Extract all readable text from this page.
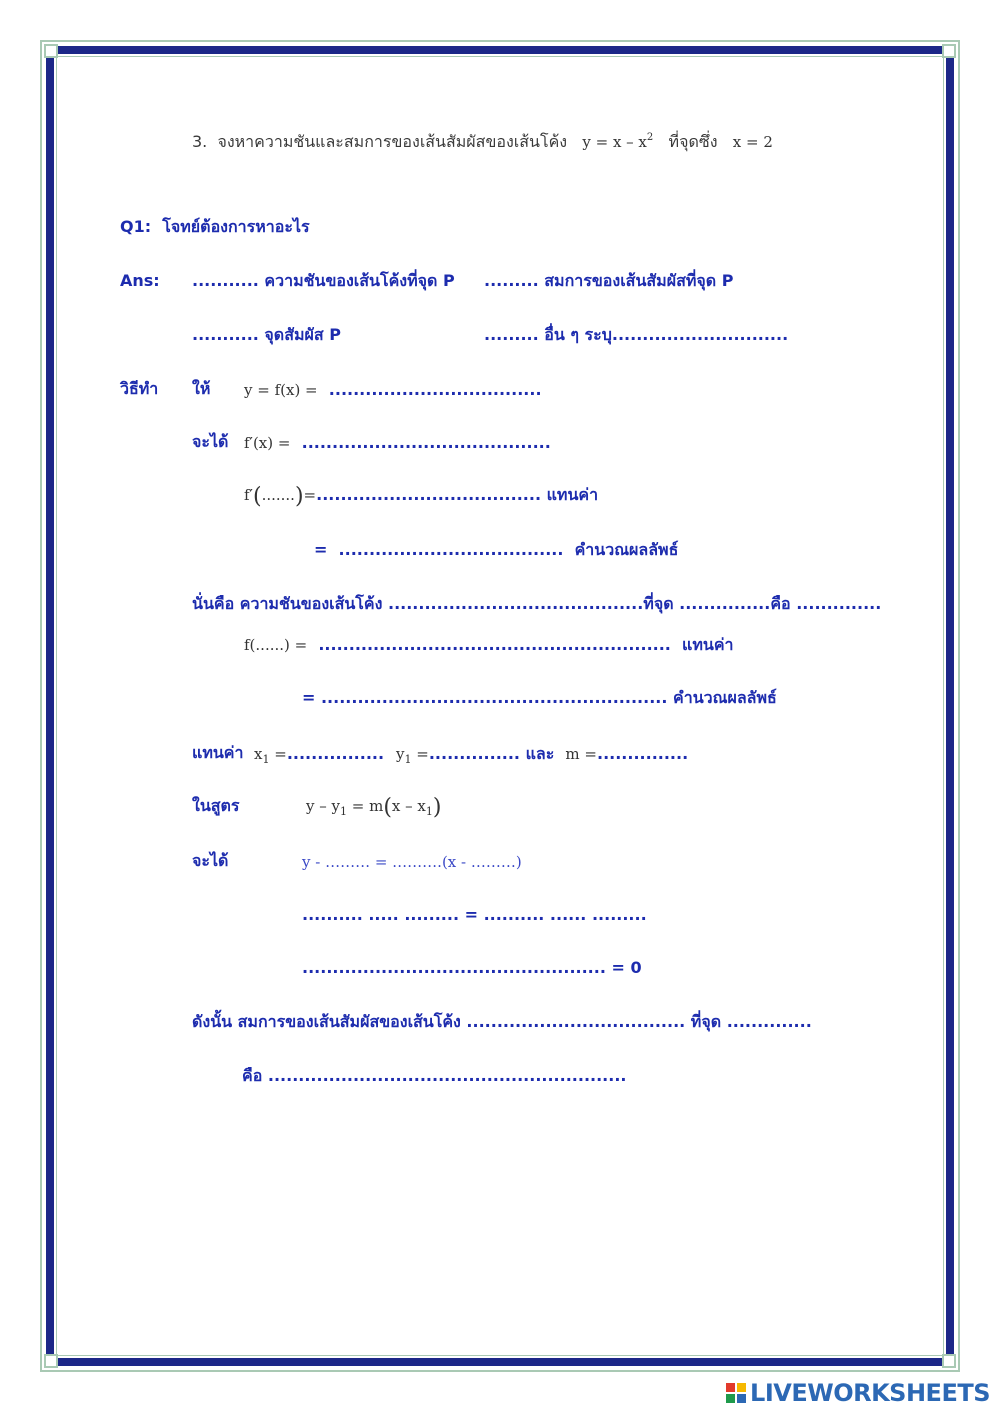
3. จงหาความชันและสมการของเส้นสัมผัสของเส้นโค้ง $y = x - x^2$ ที่จุดซึ่ง x = 2
Q1: โจทย์ต้องการหาอะไร
Ans: ........... ความชันของเส้นโค้งที่จุด P ......... สมการของเส้นสัมผัสที่จุด P
........... จุดสัมผัส P	......... อื่น ๆ ระบุ.............................
วิธีทำ ให้ y = f(x) = ...................................
จะได้ f′(x) = .........................................
f′(.......)=..................................... แทนค่า
= ..................................... คำนวณผลลัพธ์
นั่นคือ ความชันของเส้นโค้ง ..........................................ที่จุด ...............คือ ..............
f(......) = .......................................................... แทนค่า
= ......................................................... คำนวณผลลัพธ์
แทนค่า $x_1$ =................ $y_1$ =............... และ m =...............
ในสูตร	$y - y_1 = m(x - x_1)$
จะได้	y - ……… = ……….(x - ………)
.......... ..... ......... = .......... ...... .........
.................................................. = 0
ดังนั้น สมการของเส้นสัมผัสของเส้นโค้ง .................................... ที่จุด ..............
คือ ...........................................................
LIVEWORKSHEETS
